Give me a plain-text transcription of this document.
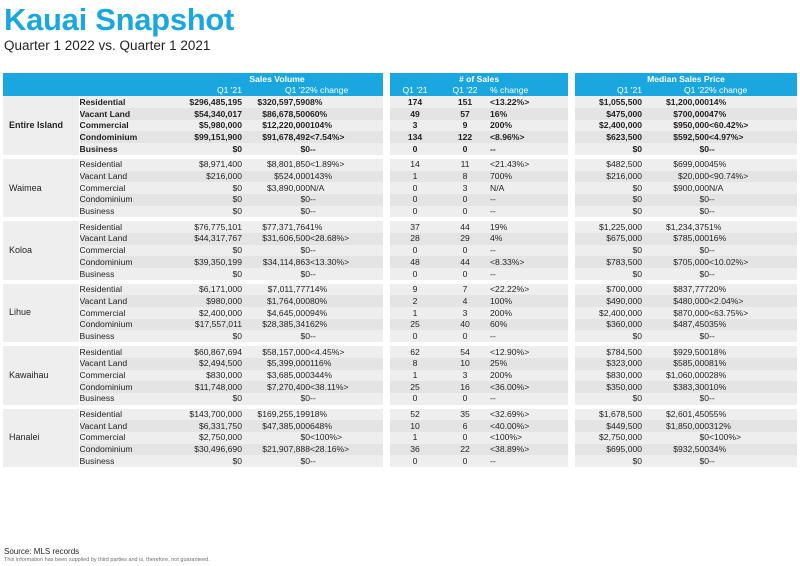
Kauai Snapshot
Quarter 1 2022 vs. Quarter 1 2021
		Sales Volume				# of Sales				Median Sales Price		
		Q1 '21	Q1 '22	% change		Q1 '21	Q1 '22	% change		Q1 '21	Q1 '22	% change
Entire Island	Residential	$296,485,195	$320,597,590	8%		174	151	<13.22%>		$1,055,500	$1,200,000	14%
	Vacant Land	$54,340,017	$86,678,500	60%		49	57	16%		$475,000	$700,000	47%
	Commercial	$5,980,000	$12,220,000	104%		3	9	200%		$2,400,000	$950,000	<60.42%>
	Condominium	$99,151,900	$91,678,492	<7.54%>		134	122	<8.96%>		$623,500	$592,500	<4.97%>
	Business	$0	$0	--		0	0	--		$0	$0	--

Waimea	Residential	$8,971,400	$8,801,850	<1.89%>		14	11	<21.43%>		$482,500	$699,000	45%
	Vacant Land	$216,000	$524,000	143%		1	8	700%		$216,000	$20,000	<90.74%>
	Commercial	$0	$3,890,000	N/A		0	3	N/A		$0	$900,000	N/A
	Condominium	$0	$0	--		0	0	--		$0	$0	--
	Business	$0	$0	--		0	0	--		$0	$0	--

Koloa	Residential	$76,775,101	$77,371,764	1%		37	44	19%		$1,225,000	$1,234,375	1%
	Vacant Land	$44,317,767	$31,606,500	<28.68%>		28	29	4%		$675,000	$785,000	16%
	Commercial	$0	$0	--		0	0	--		$0	$0	--
	Condominium	$39,350,199	$34,114,863	<13.30%>		48	44	<8.33%>		$783,500	$705,000	<10.02%>
	Business	$0	$0	--		0	0	--		$0	$0	--

Lihue	Residential	$6,171,000	$7,011,777	14%		9	7	<22.22%>		$700,000	$837,777	20%
	Vacant Land	$980,000	$1,764,000	80%		2	4	100%		$490,000	$480,000	<2.04%>
	Commercial	$2,400,000	$4,645,000	94%		1	3	200%		$2,400,000	$870,000	<63.75%>
	Condominium	$17,557,011	$28,385,341	62%		25	40	60%		$360,000	$487,450	35%
	Business	$0	$0	--		0	0	--		$0	$0	--

Kawaihau	Residential	$60,867,694	$58,157,000	<4.45%>		62	54	<12.90%>		$784,500	$929,500	18%
	Vacant Land	$2,494,500	$5,399,000	116%		8	10	25%		$323,000	$585,000	81%
	Commercial	$830,000	$3,685,000	344%		1	3	200%		$830,000	$1,060,000	28%
	Condominium	$11,748,000	$7,270,400	<38.11%>		25	16	<36.00%>		$350,000	$383,300	10%
	Business	$0	$0	--		0	0	--		$0	$0	--

Hanalei	Residential	$143,700,000	$169,255,199	18%		52	35	<32.69%>		$1,678,500	$2,601,450	55%
	Vacant Land	$6,331,750	$47,385,000	648%		10	6	<40.00%>		$449,500	$1,850,000	312%
	Commercial	$2,750,000	$0	<100%>		1	0	<100%>		$2,750,000	$0	<100%>
	Condominium	$30,496,690	$21,907,888	<28.16%>		36	22	<38.89%>		$695,000	$932,500	34%
	Business	$0	$0	--		0	0	--		$0	$0	--
Source: MLS records
This information has been supplied by third parties and is, therefore, not guaranteed.
